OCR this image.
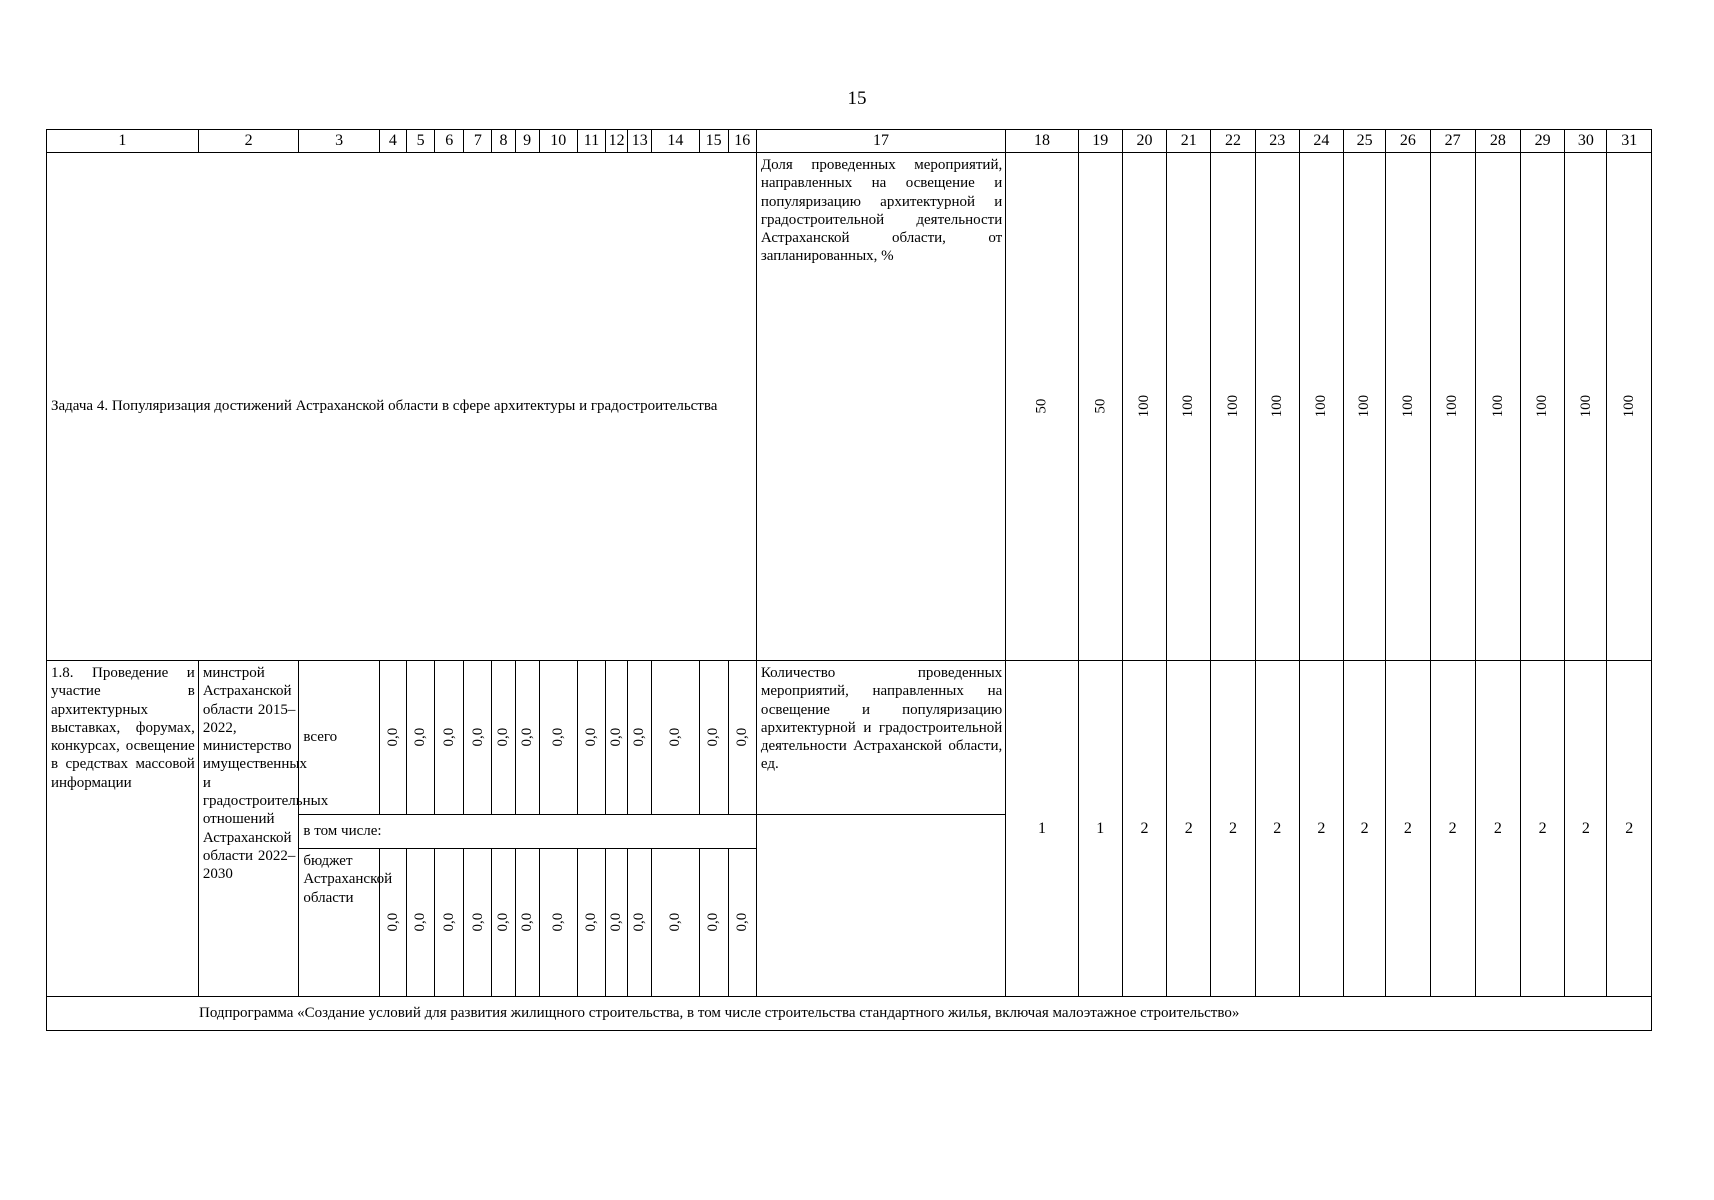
15
1	2	3	4	5	6	7	8	9	10	11	12	13	14	15	16	17	18	19	20	21	22	23	24	25	26	27	28	29	30	31
Задача 4. Популяризация достижений Астраханской области в сфере архитектуры и градостроительства																Доля проведенных мероприятий, направленных на освещение и популяризацию архитектурной и градостроительной деятельности Астраханской области, от запланированных, %	50	50	100	100	100	100	100	100	100	100	100	100	100	100
1.8. Проведение и участие в архитектурных выставках, форумах, конкурсах, освещение в средствах массовой информации	минстрой Астраханской области 2015–2022, министерство имущественных и градостроительных отношений Астраханской области 2022–2030	всего	0,0	0,0	0,0	0,0	0,0	0,0	0,0	0,0	0,0	0,0	0,0	0,0	0,0	Количество проведенных мероприятий, направленных на освещение и популяризацию архитектурной и градостроительной деятельности Астраханской области, ед.	1	1	2	2	2	2	2	2	2	2	2	2	2	2
		в том числе:																												
		бюджет Астраханской области	0,0	0,0	0,0	0,0	0,0	0,0	0,0	0,0	0,0	0,0	0,0	0,0	0,0															
Подпрограмма «Создание условий для развития жилищного строительства, в том числе строительства стандартного жилья, включая малоэтажное строительство»																														
